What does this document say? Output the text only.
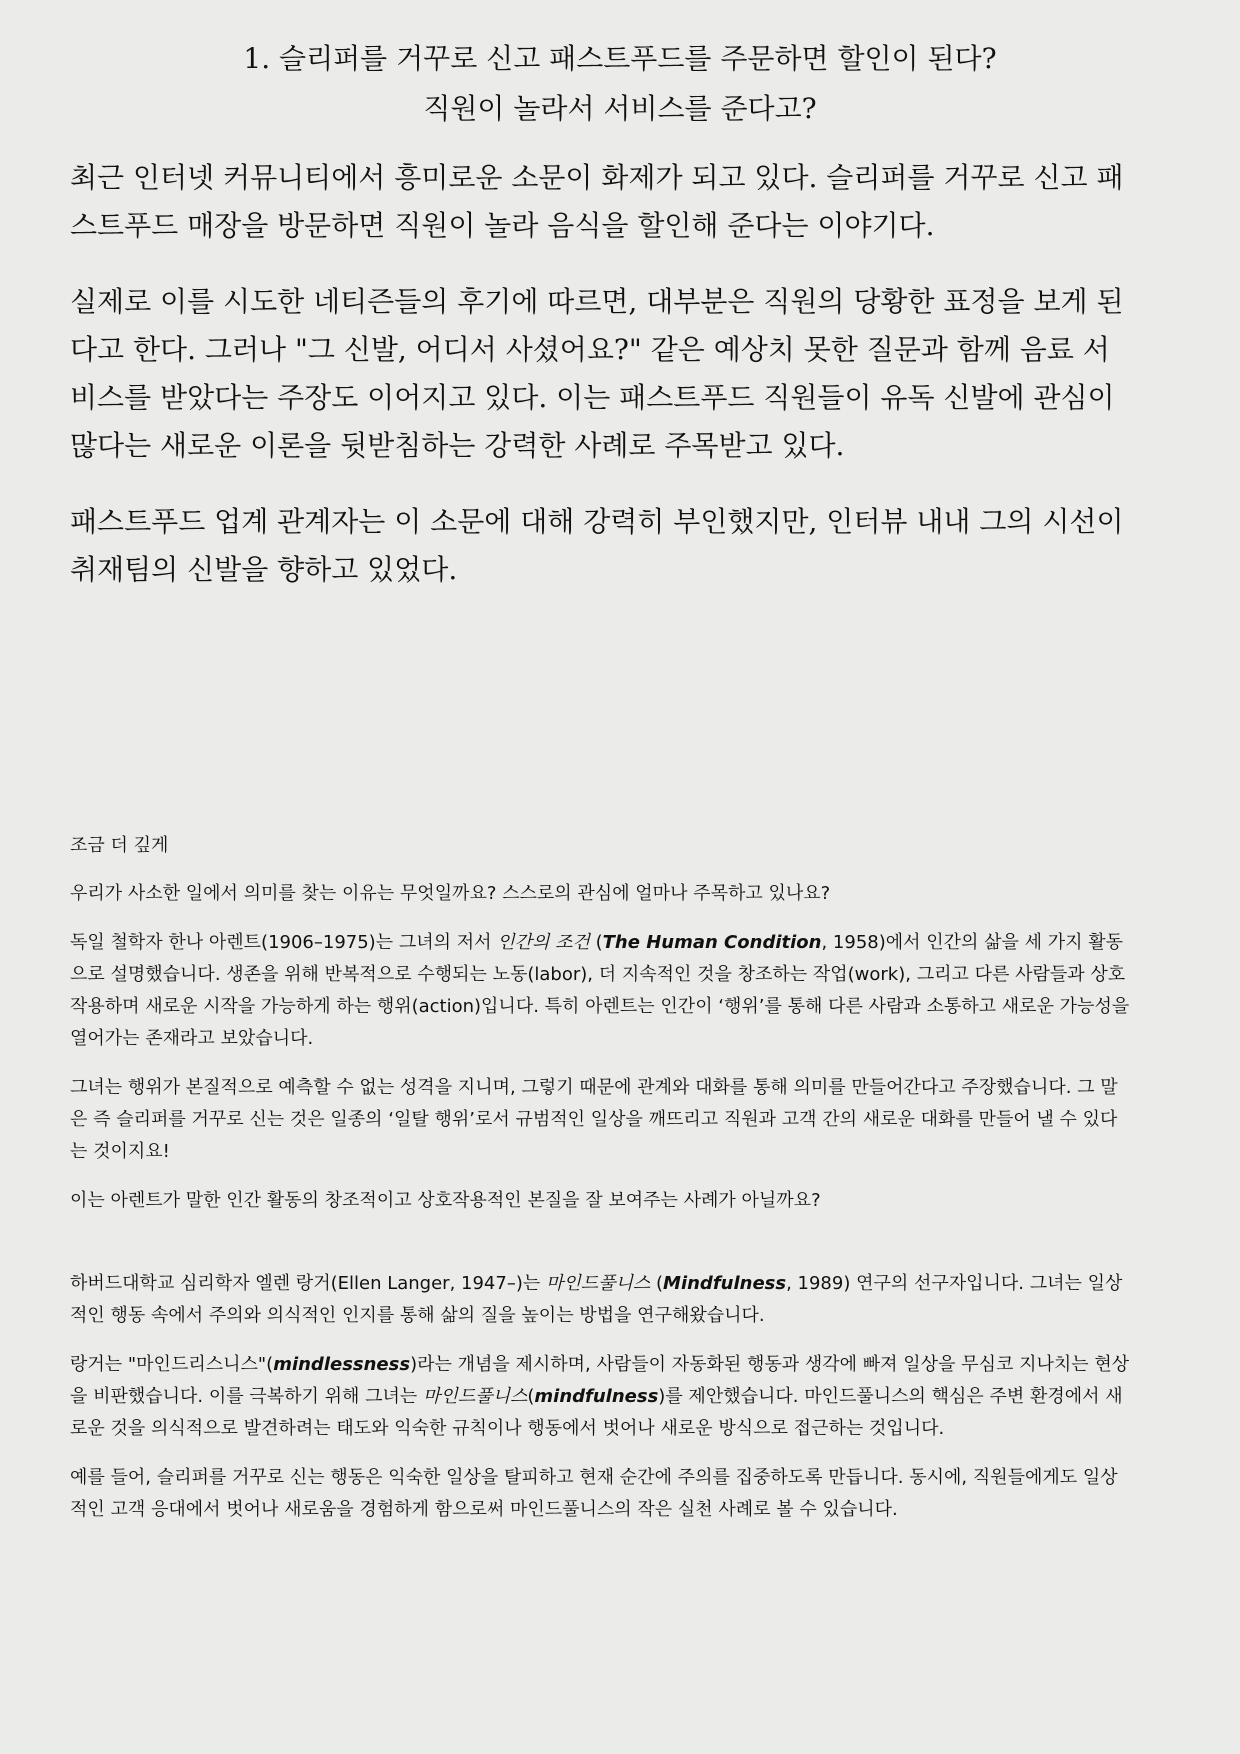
1. 슬리퍼를 거꾸로 신고 패스트푸드를 주문하면 할인이 된다?
직원이 놀라서 서비스를 준다고?

최근 인터넷 커뮤니티에서 흥미로운 소문이 화제가 되고 있다. 슬리퍼를 거꾸로 신고 패스트푸드 매장을 방문하면 직원이 놀라 음식을 할인해 준다는 이야기다.

실제로 이를 시도한 네티즌들의 후기에 따르면, 대부분은 직원의 당황한 표정을 보게 된다고 한다. 그러나 "그 신발, 어디서 사셨어요?" 같은 예상치 못한 질문과 함께 음료 서비스를 받았다는 주장도 이어지고 있다. 이는 패스트푸드 직원들이 유독 신발에 관심이 많다는 새로운 이론을 뒷받침하는 강력한 사례로 주목받고 있다.

패스트푸드 업계 관계자는 이 소문에 대해 강력히 부인했지만, 인터뷰 내내 그의 시선이 취재팀의 신발을 향하고 있었다.

조금 더 깊게

우리가 사소한 일에서 의미를 찾는 이유는 무엇일까요? 스스로의 관심에 얼마나 주목하고 있나요?

독일 철학자 한나 아렌트(1906–1975)는 그녀의 저서 인간의 조건 (The Human Condition, 1958)에서 인간의 삶을 세 가지 활동으로 설명했습니다. 생존을 위해 반복적으로 수행되는 노동(labor), 더 지속적인 것을 창조하는 작업(work), 그리고 다른 사람들과 상호작용하며 새로운 시작을 가능하게 하는 행위(action)입니다. 특히 아렌트는 인간이 ‘행위’를 통해 다른 사람과 소통하고 새로운 가능성을 열어가는 존재라고 보았습니다.

그녀는 행위가 본질적으로 예측할 수 없는 성격을 지니며, 그렇기 때문에 관계와 대화를 통해 의미를 만들어간다고 주장했습니다. 그 말은 즉 슬리퍼를 거꾸로 신는 것은 일종의 ‘일탈 행위’로서 규범적인 일상을 깨뜨리고 직원과 고객 간의 새로운 대화를 만들어 낼 수 있다는 것이지요!

이는 아렌트가 말한 인간 활동의 창조적이고 상호작용적인 본질을 잘 보여주는 사례가 아닐까요?

하버드대학교 심리학자 엘렌 랑거(Ellen Langer, 1947–)는 마인드풀니스 (Mindfulness, 1989) 연구의 선구자입니다. 그녀는 일상적인 행동 속에서 주의와 의식적인 인지를 통해 삶의 질을 높이는 방법을 연구해왔습니다.

랑거는 "마인드리스니스"(mindlessness)라는 개념을 제시하며, 사람들이 자동화된 행동과 생각에 빠져 일상을 무심코 지나치는 현상을 비판했습니다. 이를 극복하기 위해 그녀는 마인드풀니스(mindfulness)를 제안했습니다. 마인드풀니스의 핵심은 주변 환경에서 새로운 것을 의식적으로 발견하려는 태도와 익숙한 규칙이나 행동에서 벗어나 새로운 방식으로 접근하는 것입니다.

예를 들어, 슬리퍼를 거꾸로 신는 행동은 익숙한 일상을 탈피하고 현재 순간에 주의를 집중하도록 만듭니다. 동시에, 직원들에게도 일상적인 고객 응대에서 벗어나 새로움을 경험하게 함으로써 마인드풀니스의 작은 실천 사례로 볼 수 있습니다.
